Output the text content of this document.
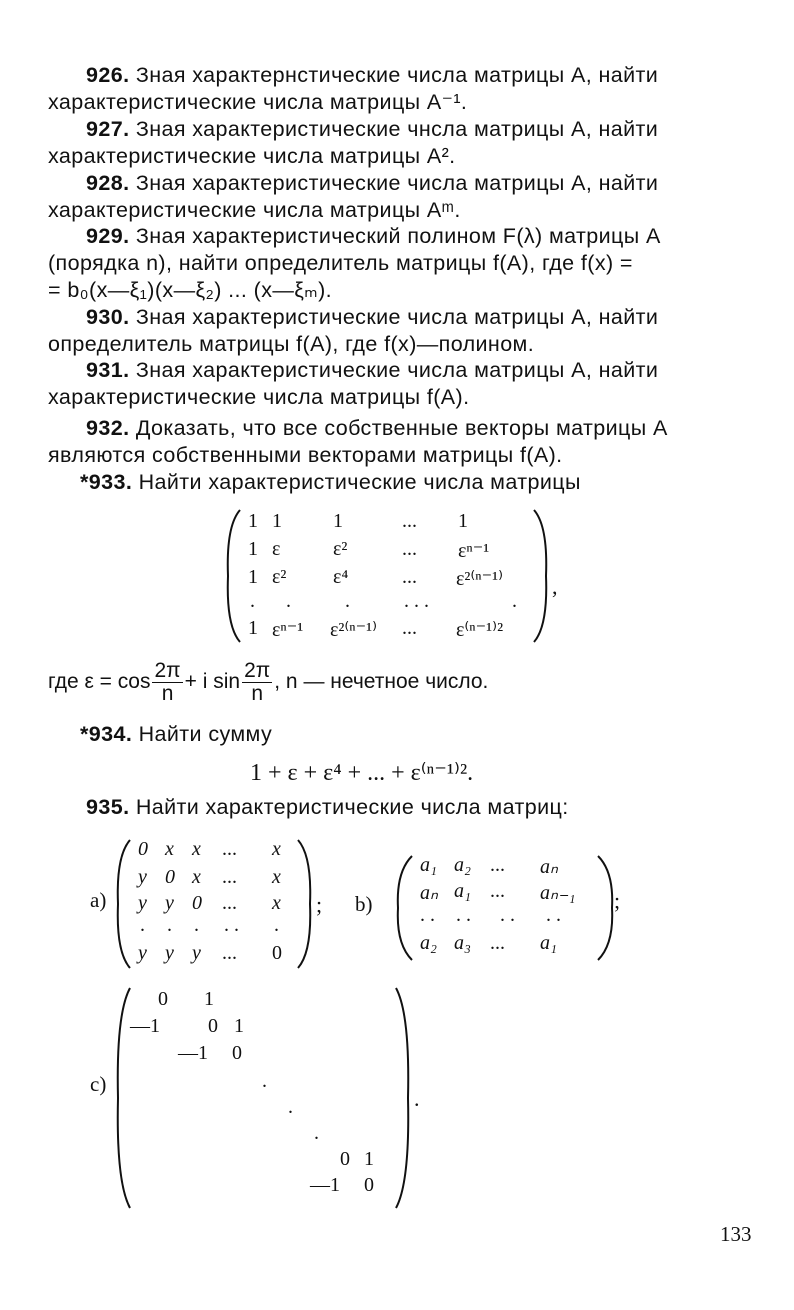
926. Зная характернстические числа матрицы A, найти
характеристические числа матрицы A⁻¹.
927. Зная характеристические чнсла матрицы A, найти
характеристические числа матрицы A².
928. Зная характеристические числа матрицы A, найти
характеристические числа матрицы Aᵐ.
929. Зная характеристический полином F(λ) матрицы A
(порядка n), найти определитель матрицы f(A), где f(x) =
= b₀(x—ξ₁)(x—ξ₂) ... (x—ξₘ).
930. Зная характеристические числа матрицы A, найти
определитель матрицы f(A), где f(x)—полином.
931. Зная характеристические числа матрицы A, найти
характеристические числа матрицы f(A).
932. Доказать, что все собственные векторы матрицы A
являются собственными векторами матрицы f(A).
*933. Найти характеристические числа матрицы
1 1	1	... 1
1 ε	ε²	... εⁿ⁻¹
1 ε² ε⁴	... ε²⁽ⁿ⁻¹⁾
. .	.	. . .	.
1 εⁿ⁻¹ ε²⁽ⁿ⁻¹⁾ ... ε⁽ⁿ⁻¹⁾²
,
где $\varepsilon = \cos \frac{2\pi}{n} + i$ $\sin \frac{2\pi}{n}$ , n — нечетное число.
*934. Найти сумму
1 + ε + ε⁴ + ... + ε⁽ⁿ⁻¹⁾².
935. Найти характеристические числа матриц:
a)
0 x x ... x
y 0 x ... x
y y 0 ... x
. . . . . .
y y y ... 0
; b)
a₁ a₂ ... aₙ
aₙ a₁ ... aₙ₋₁
. . . . . . . .
a₂ a₃ ... a₁
;
c)
0 1
—1 0 1
—1 0
.
.
.
0 1
—1 0
.
133
